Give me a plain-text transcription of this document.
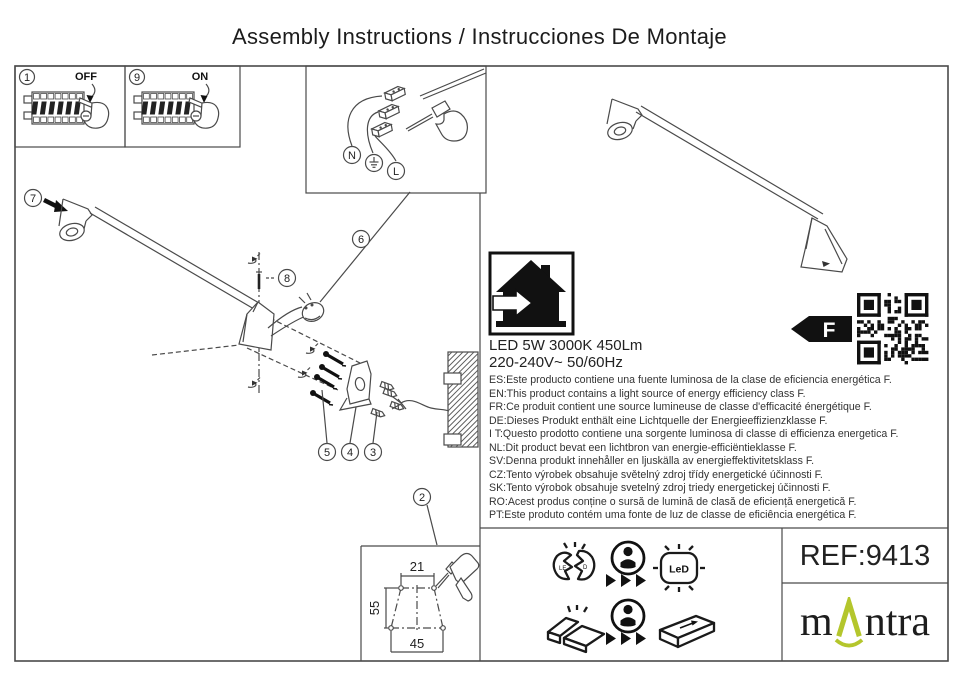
Assembly Instructions / Instrucciones De Montaje
1	OFF	9	ON
N
L
7
8
6
5 4 3
2
F
21
55
45
LE	D	LeD
LED 5W 3000K 450Lm
220-240V~ 50/60Hz
ES:Este producto contiene una fuente luminosa de la clase de eficiencia energética F.
EN:This product contains a light source of energy efficiency class F.
FR:Ce produit contient une source lumineuse de classe d'efficacité énergétique F.
DE:Dieses Produkt enthält eine Lichtquelle der Energieeffizienzklasse F.
I T:Questo prodotto contiene una sorgente luminosa di classe di efficienza energetica F.
NL:Dit product bevat een lichtbron van energie-efficiëntieklasse F.
SV:Denna produkt innehåller en ljuskälla av energieffektivitetsklass F.
CZ:Tento výrobek obsahuje světelný zdroj třídy energetické účinnosti F.
SK:Tento výrobok obsahuje svetelný zdroj triedy energetickej účinnosti F.
RO:Acest produs conține o sursă de lumină de clasă de eficiență energetică F.
PT:Este produto contém uma fonte de luz de classe de eficiência energética F.
REF:9413
m ntra
